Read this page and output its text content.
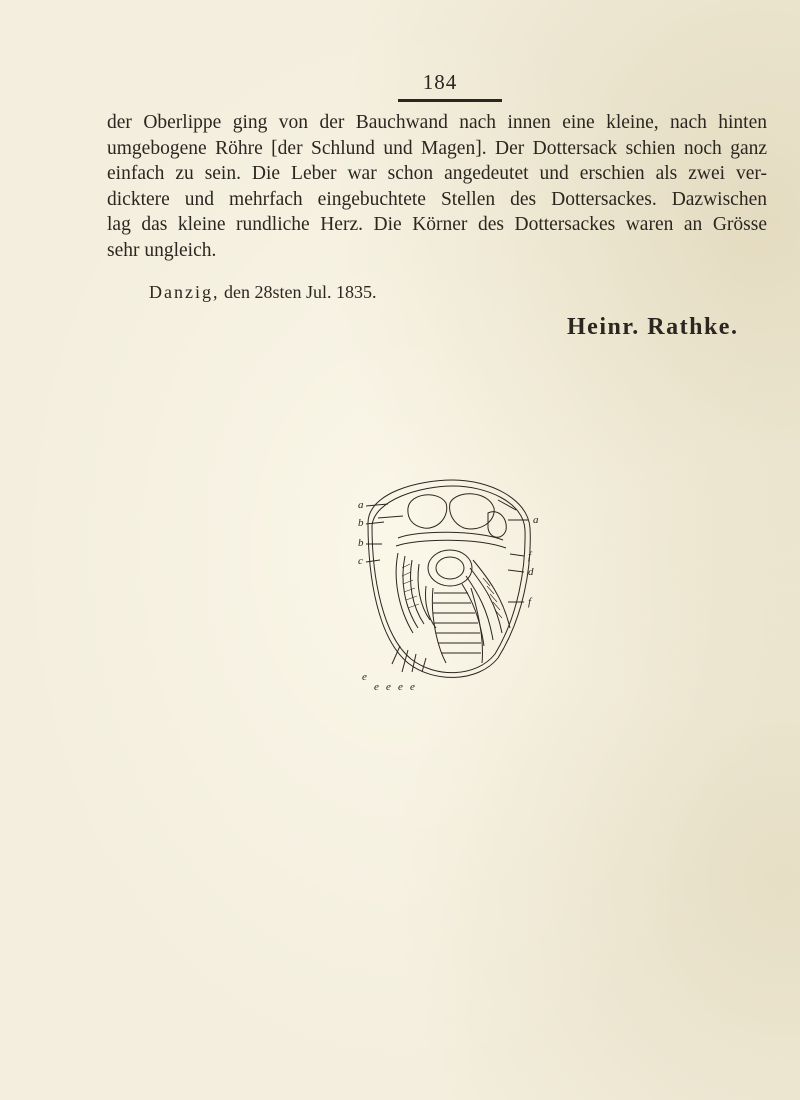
184
der Oberlippe ging von der Bauchwand nach innen eine kleine, nach hinten
umgebogene Röhre [der Schlund und Magen]. Der Dottersack schien noch ganz
einfach zu sein. Die Leber war schon angedeutet und erschien als zwei ver-
dicktere und mehrfach eingebuchtete Stellen des Dottersackes. Dazwischen
lag das kleine rundliche Herz. Die Körner des Dottersackes waren an Grösse
sehr ungleich.
Danzig, den 28sten Jul. 1835.
Heinr. Rathke.
a
b
b
c
a
f
d
f
e
e e e e
